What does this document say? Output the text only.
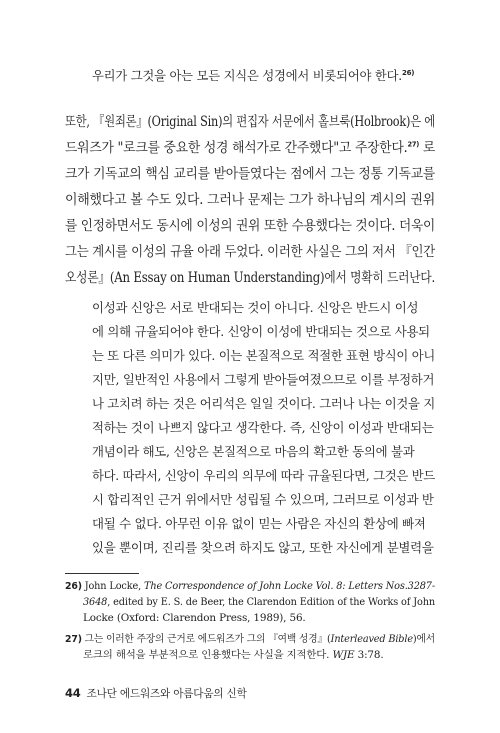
우리가 그것을 아는 모든 지식은 성경에서 비롯되어야 한다.$^{26)}$
또한, 『원죄론』(Original Sin)의 편집자 서문에서 홀브룩(Holbrook)은 에
드워즈가 "로크를 중요한 성경 해석가로 간주했다"고 주장한다.$^{27)}$ 로
크가 기독교의 핵심 교리를 받아들였다는 점에서 그는 정통 기독교를
이해했다고 볼 수도 있다. 그러나 문제는 그가 하나님의 계시의 권위
를 인정하면서도 동시에 이성의 권위 또한 수용했다는 것이다. 더욱이
그는 계시를 이성의 규율 아래 두었다. 이러한 사실은 그의 저서 『인간
오성론』(An Essay on Human Understanding)에서 명확히 드러난다.
이성과 신앙은 서로 반대되는 것이 아니다. 신앙은 반드시 이성
에 의해 규율되어야 한다. 신앙이 이성에 반대되는 것으로 사용되
는 또 다른 의미가 있다. 이는 본질적으로 적절한 표현 방식이 아니
지만, 일반적인 사용에서 그렇게 받아들여졌으므로 이를 부정하거
나 고치려 하는 것은 어리석은 일일 것이다. 그러나 나는 이것을 지
적하는 것이 나쁘지 않다고 생각한다. 즉, 신앙이 이성과 반대되는
개념이라 해도, 신앙은 본질적으로 마음의 확고한 동의에 불과
하다. 따라서, 신앙이 우리의 의무에 따라 규율된다면, 그것은 반드
시 합리적인 근거 위에서만 성립될 수 있으며, 그러므로 이성과 반
대될 수 없다. 아무런 이유 없이 믿는 사람은 자신의 환상에 빠져
있을 뿐이며, 진리를 찾으려 하지도 않고, 또한 자신에게 분별력을
26) John Locke, The Correspondence of John Locke Vol. 8: Letters Nos.3287-
3648, edited by E. S. de Beer, the Clarendon Edition of the Works of John
Locke (Oxford: Clarendon Press, 1989), 56.
27) 그는 이러한 주장의 근거로 에드워즈가 그의 『여백 성경』(Interleaved Bible)에서
로크의 해석을 부분적으로 인용했다는 사실을 지적한다. WJE 3:78.
44 조나단 에드워즈와 아름다움의 신학
